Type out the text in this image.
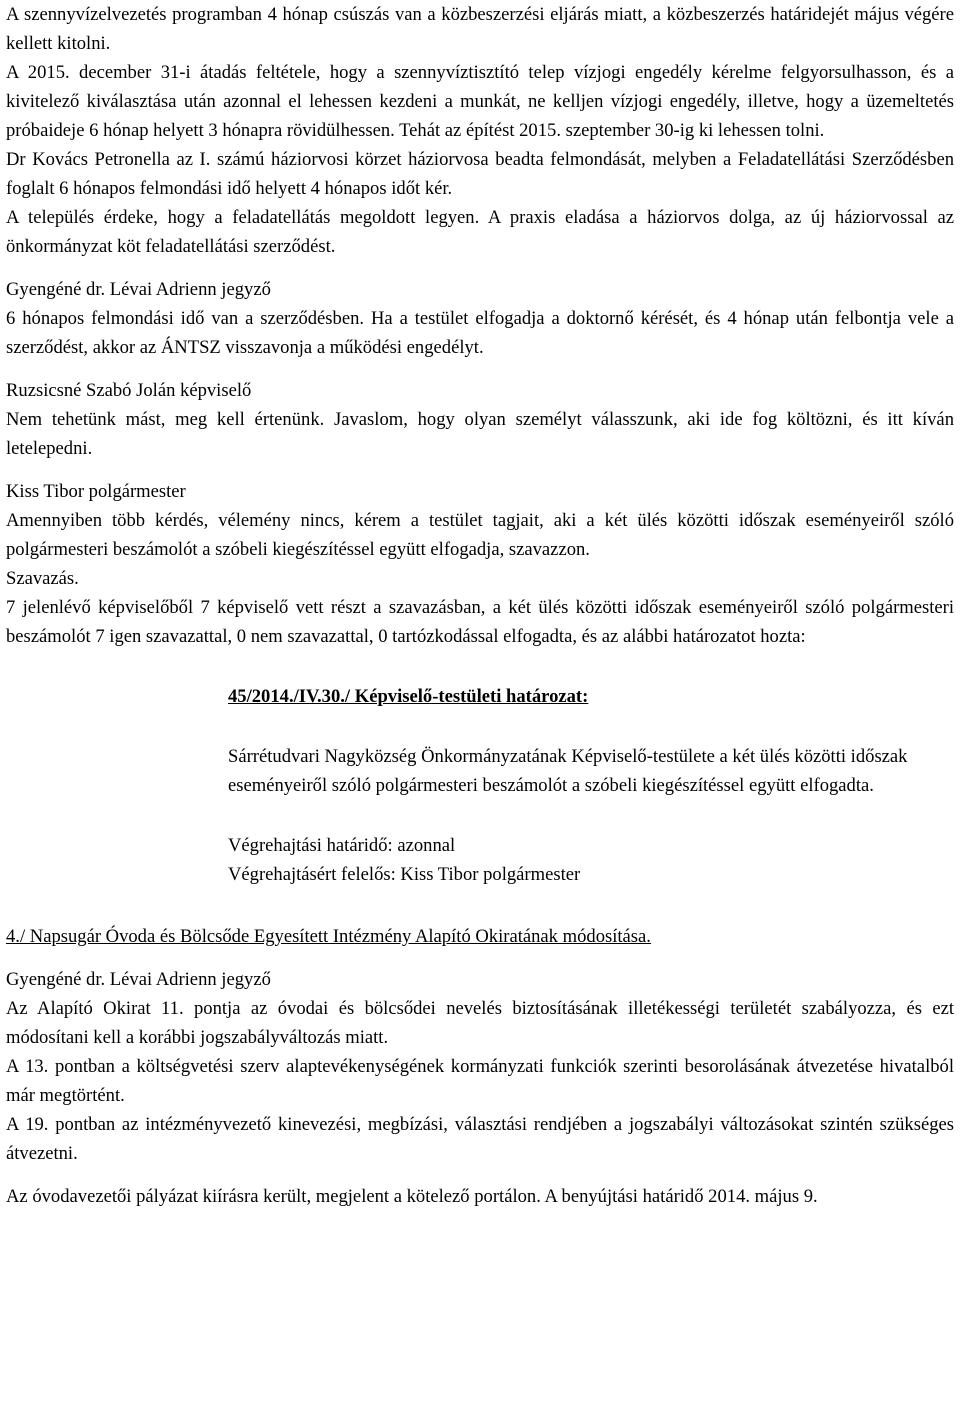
A szennyvízelvezetés programban 4 hónap csúszás van a közbeszerzési eljárás miatt, a közbeszerzés határidejét május végére kellett kitolni.

A 2015. december 31-i átadás feltétele, hogy a szennyvíztisztító telep vízjogi engedély kérelme felgyorsulhasson, és a kivitelező kiválasztása után azonnal el lehessen kezdeni a munkát, ne kelljen vízjogi engedély, illetve, hogy a üzemeltetés próbaideje 6 hónap helyett 3 hónapra rövidülhessen. Tehát az építést 2015. szeptember 30-ig ki lehessen tolni.

Dr Kovács Petronella az I. számú háziorvosi körzet háziorvosa beadta felmondását, melyben a Feladatellátási Szerződésben foglalt 6 hónapos felmondási idő helyett 4 hónapos időt kér.

A település érdeke, hogy a feladatellátás megoldott legyen. A praxis eladása a háziorvos dolga, az új háziorvossal az önkormányzat köt feladatellátási szerződést.

Gyengéné dr. Lévai Adrienn jegyző

6 hónapos felmondási idő van a szerződésben. Ha a testület elfogadja a doktornő kérését, és 4 hónap után felbontja vele a szerződést, akkor az ÁNTSZ visszavonja a működési engedélyt.

Ruzsicsné Szabó Jolán képviselő

Nem tehetünk mást, meg kell értenünk. Javaslom, hogy olyan személyt válasszunk, aki ide fog költözni, és itt kíván letelepedni.

Kiss Tibor polgármester

Amennyiben több kérdés, vélemény nincs, kérem a testület tagjait, aki a két ülés közötti időszak eseményeiről szóló polgármesteri beszámolót a szóbeli kiegészítéssel együtt elfogadja, szavazzon.

Szavazás.

7 jelenlévő képviselőből 7 képviselő vett részt a szavazásban, a két ülés közötti időszak eseményeiről szóló polgármesteri beszámolót 7 igen szavazattal, 0 nem szavazattal, 0 tartózkodással elfogadta, és az alábbi határozatot hozta:

45/2014./IV.30./ Képviselő-testületi határozat:

Sárrétudvari Nagyközség Önkormányzatának Képviselő-testülete a két ülés közötti időszak eseményeiről szóló polgármesteri beszámolót a szóbeli kiegészítéssel együtt elfogadta.

Végrehajtási határidő: azonnal

Végrehajtásért felelős: Kiss Tibor polgármester

4./ Napsugár Óvoda és Bölcsőde Egyesített Intézmény Alapító Okiratának módosítása.

Gyengéné dr. Lévai Adrienn jegyző

Az Alapító Okirat 11. pontja az óvodai és bölcsődei nevelés biztosításának illetékességi területét szabályozza, és ezt módosítani kell a korábbi jogszabályváltozás miatt.

A 13. pontban a költségvetési szerv alaptevékenységének kormányzati funkciók szerinti besorolásának átvezetése hivatalból már megtörtént.

A 19. pontban az intézményvezető kinevezési, megbízási, választási rendjében a jogszabályi változásokat szintén szükséges átvezetni.

Az óvodavezetői pályázat kiírásra került, megjelent a kötelező portálon. A benyújtási határidő 2014. május 9.
